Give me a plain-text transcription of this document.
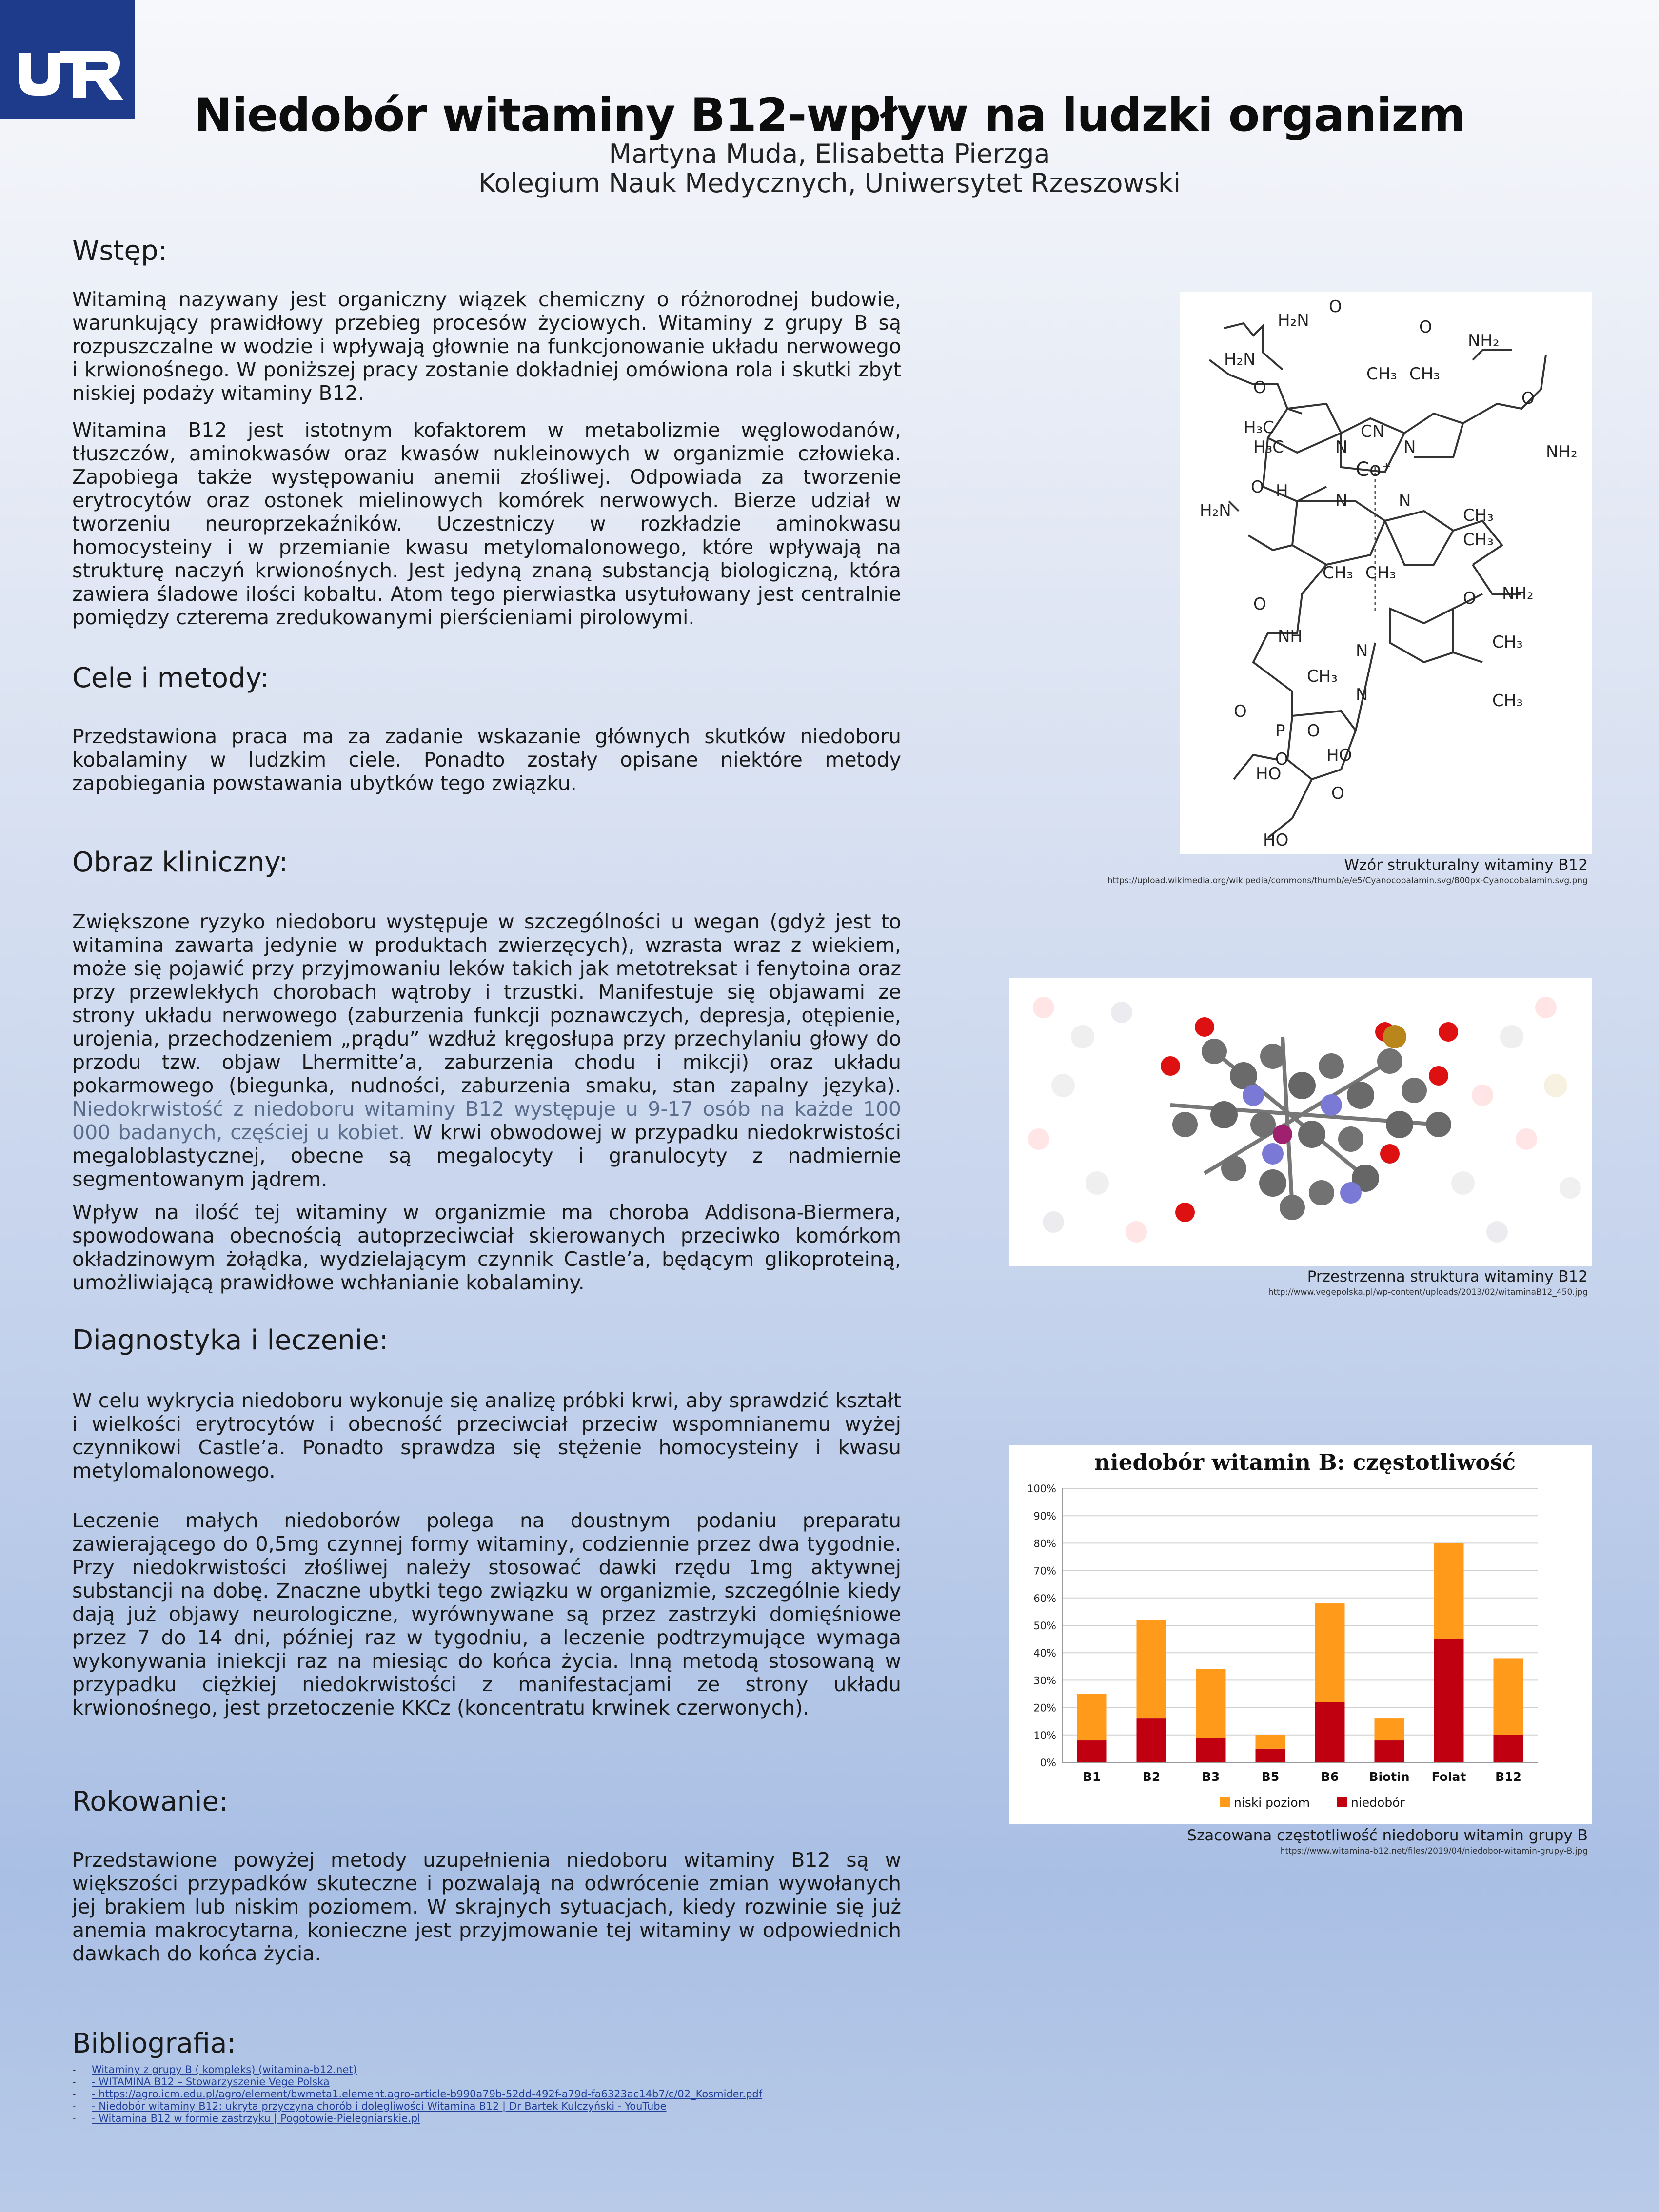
Niedobór witaminy B12-wpływ na ludzki organizm
Martyna Muda, Elisabetta Pierzga
Kolegium Nauk Medycznych, Uniwersytet Rzeszowski
Wstęp:
Witaminą nazywany jest organiczny wiązek chemiczny o różnorodnej budowie, warunkujący prawidłowy przebieg procesów życiowych. Witaminy z grupy B są rozpuszczalne w wodzie i wpływają głownie na funkcjonowanie układu nerwowego i krwionośnego. W poniższej pracy zostanie dokładniej omówiona rola i skutki zbyt niskiej podaży witaminy B12.
Witamina B12 jest istotnym kofaktorem w metabolizmie węglowodanów, tłuszczów, aminokwasów oraz kwasów nukleinowych w organizmie człowieka. Zapobiega także występowaniu anemii złośliwej. Odpowiada za tworzenie erytrocytów oraz ostonek mielinowych komórek nerwowych. Bierze udział w tworzeniu neuroprzekaźników. Uczestniczy w rozkładzie aminokwasu homocysteiny i w przemianie kwasu metylomalonowego, które wpływają na strukturę naczyń krwionośnych. Jest jedyną znaną substancją biologiczną, która zawiera śladowe ilości kobaltu. Atom tego pierwiastka usytułowany jest centralnie pomiędzy czterema zredukowanymi pierścieniami pirolowymi.
Cele i metody:
Przedstawiona praca ma za zadanie wskazanie głównych skutków niedoboru kobalaminy w ludzkim ciele. Ponadto zostały opisane niektóre metody zapobiegania powstawania ubytków tego związku.
Obraz kliniczny:
Zwiększone ryzyko niedoboru występuje w szczególności u wegan (gdyż jest to witamina zawarta jedynie w produktach zwierzęcych), wzrasta wraz z wiekiem, może się pojawić przy przyjmowaniu leków takich jak metotreksat i fenytoina oraz przy przewlekłych chorobach wątroby i trzustki. Manifestuje się objawami ze strony układu nerwowego (zaburzenia funkcji poznawczych, depresja, otępienie, urojenia, przechodzeniem „prądu” wzdłuż kręgosłupa przy przechylaniu głowy do przodu tzw. objaw Lhermitte’a, zaburzenia chodu i mikcji) oraz układu pokarmowego (biegunka, nudności, zaburzenia smaku, stan zapalny języka). Niedokrwistość z niedoboru witaminy B12 występuje u 9-17 osób na każde 100 000 badanych, częściej u kobiet. W krwi obwodowej w przypadku niedokrwistości megaloblastycznej, obecne są megalocyty i granulocyty z nadmiernie segmentowanym jądrem.
Wpływ na ilość tej witaminy w organizmie ma choroba Addisona-Biermera, spowodowana obecnością autoprzeciwciał skierowanych przeciwko komórkom okładzinowym żołądka, wydzielającym czynnik Castle’a, będącym glikoproteiną, umożliwiającą prawidłowe wchłanianie kobalaminy.
Diagnostyka i leczenie:
W celu wykrycia niedoboru wykonuje się analizę próbki krwi, aby sprawdzić kształt i wielkości erytrocytów i obecność przeciwciał przeciw wspomnianemu wyżej czynnikowi Castle’a. Ponadto sprawdza się stężenie homocysteiny i kwasu metylomalonowego.
Leczenie małych niedoborów polega na doustnym podaniu preparatu zawierającego do 0,5mg czynnej formy witaminy, codziennie przez dwa tygodnie. Przy niedokrwistości złośliwej należy stosować dawki rzędu 1mg aktywnej substancji na dobę. Znaczne ubytki tego związku w organizmie, szczególnie kiedy dają już objawy neurologiczne, wyrównywane są przez zastrzyki domięśniowe przez 7 do 14 dni, później raz w tygodniu, a leczenie podtrzymujące wymaga wykonywania iniekcji raz na miesiąc do końca życia. Inną metodą stosowaną w przypadku ciężkiej niedokrwistości z manifestacjami ze strony układu krwionośnego, jest przetoczenie KKCz (koncentratu krwinek czerwonych).
Rokowanie:
Przedstawione powyżej metody uzupełnienia niedoboru witaminy B12 są w większości przypadków skuteczne i pozwalają na odwrócenie zmian wywołanych jej brakiem lub niskim poziomem. W skrajnych sytuacjach, kiedy rozwinie się już anemia makrocytarna, konieczne jest przyjmowanie tej witaminy w odpowiednich dawkach do końca życia.
Bibliografia:
- Witaminy z grupy B ( kompleks) (witamina-b12.net)
- - WITAMINA B12 – Stowarzyszenie Vege Polska
- - https://agro.icm.edu.pl/agro/element/bwmeta1.element.agro-article-b990a79b-52dd-492f-a79d-fa6323ac14b7/c/02_Kosmider.pdf
- - Niedobór witaminy B12: ukryta przyczyna chorób i dolegliwości Witamina B12 | Dr Bartek Kulczyński - YouTube
- - Witamina B12 w formie zastrzyku | Pogotowie-Pielegniarskie.pl
H₂N
O
O
NH₂
H₂N
O
CH₃ CH₃
O
NH₂
H₃C
H₃C
CN
Co⁺
N	N
N	N
H
H₂N
O
CH₃
CH₃
CH₃ CH₃
O NH₂
O
NH
N
N
CH₃
CH₃
CH₃
O
P O
O
HO
HO
O
HO
Wzór strukturalny witaminy B12
https://upload.wikimedia.org/wikipedia/commons/thumb/e/e5/Cyanocobalamin.svg/800px-Cyanocobalamin.svg.png
Przestrzenna struktura witaminy B12
http://www.vegepolska.pl/wp-content/uploads/2013/02/witaminaB12_450.jpg
niedobór witamin B: częstotliwość
0%
10%
20%
30%
40%
50%
60%
70%
80%
90%
100%
B1	B2	B3	B5	B6 Biotin Folat B12
niski poziom	niedobór
Szacowana częstotliwość niedoboru witamin grupy B
https://www.witamina-b12.net/files/2019/04/niedobor-witamin-grupy-B.jpg
